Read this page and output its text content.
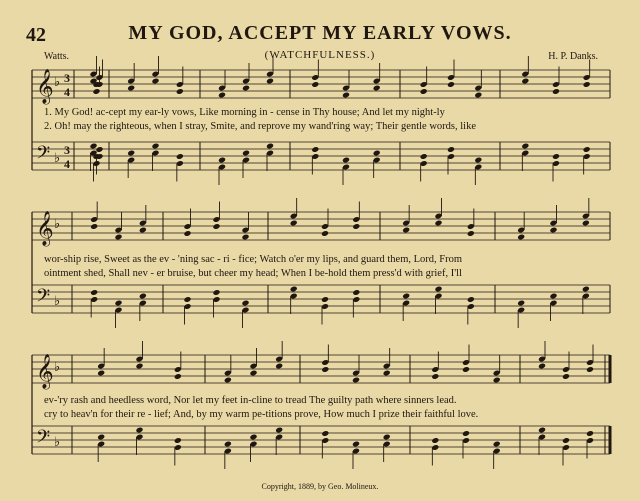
42	MY GOD, ACCEPT MY EARLY VOWS.
Watts.	(WATCHFULNESS.)	H. P. Danks.
𝄞 ♭ 3
4
𝄢 ♭
3
4
𝄞 ♭
𝄢 ♭
𝄞 ♭
𝄢 ♭
1. My God! ac-cept my ear-ly vows, Like morning in - cense in Thy house; And let my night-ly
2. Oh! may the righteous, when I stray, Smite, and reprove my wand'ring way; Their gentle words, like
wor-ship rise, Sweet as the ev - 'ning sac - ri - fice; Watch o'er my lips, and guard them, Lord, From
ointment shed, Shall nev - er bruise, but cheer my head; When I be-hold them press'd with grief, I'll
ev-'ry rash and heedless word, Nor let my feet in-cline to tread The guilty path where sinners lead.
cry to heav'n for their re - lief; And, by my warm pe-titions prove, How much I prize their faithful love.
Copyright, 1889, by Geo. Molineux.
